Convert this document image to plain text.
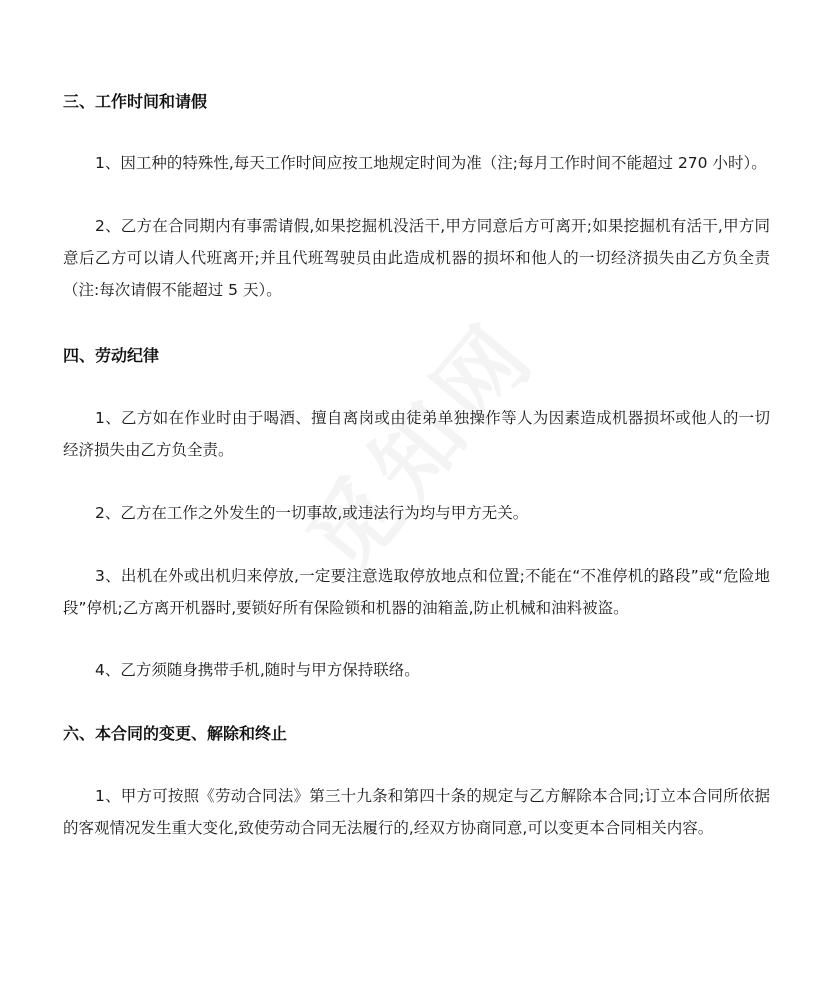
三、工作时间和请假
1、因工种的特殊性,每天工作时间应按工地规定时间为准（注;每月工作时间不能超过 270 小时）。
2、乙方在合同期内有事需请假,如果挖掘机没活干,甲方同意后方可离开;如果挖掘机有活干,甲方同意后乙方可以请人代班离开;并且代班驾驶员由此造成机器的损坏和他人的一切经济损失由乙方负全责（注:每次请假不能超过 5 天）。
四、劳动纪律
1、乙方如在作业时由于喝酒、擅自离岗或由徒弟单独操作等人为因素造成机器损坏或他人的一切经济损失由乙方负全责。
2、乙方在工作之外发生的一切事故,或违法行为均与甲方无关。
3、出机在外或出机归来停放,一定要注意选取停放地点和位置;不能在“不准停机的路段”或“危险地段”停机;乙方离开机器时,要锁好所有保险锁和机器的油箱盖,防止机械和油料被盗。
4、乙方须随身携带手机,随时与甲方保持联络。
六、本合同的变更、解除和终止
1、甲方可按照《劳动合同法》第三十九条和第四十条的规定与乙方解除本合同;订立本合同所依据的客观情况发生重大变化,致使劳动合同无法履行的,经双方协商同意,可以变更本合同相关内容。
